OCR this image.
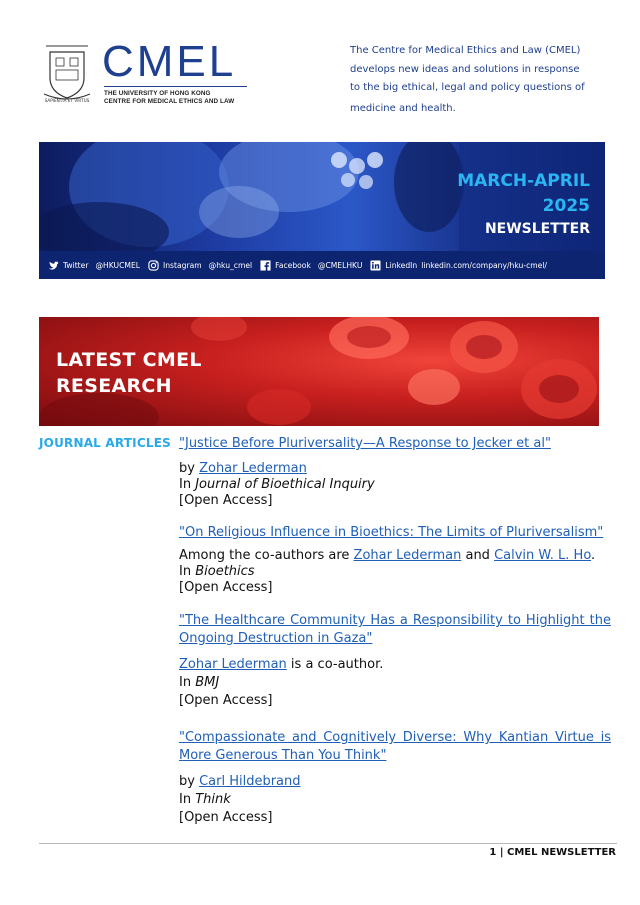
SAPIENTIA ET VIRTUS
CMEL
THE UNIVERSITY OF HONG KONG
CENTRE FOR MEDICAL ETHICS AND LAW
The Centre for Medical Ethics and Law (CMEL)
develops new ideas and solutions in response
to the big ethical, legal and policy questions of
medicine and health.
MARCH-APRIL
2025
NEWSLETTER
Twitter @HKUCMEL	Instagram @hku_cmel	Facebook @CMELHKU	LinkedIn linkedin.com/company/hku-cmel/
LATEST CMEL
RESEARCH
JOURNAL ARTICLES "Justice Before Pluriversality—A Response to Jecker et al"
by Zohar Lederman
In Journal of Bioethical Inquiry
[Open Access]
"On Religious Influence in Bioethics: The Limits of Pluriversalism"
Among the co-authors are Zohar Lederman and Calvin W. L. Ho.
In Bioethics
[Open Access]
"The Healthcare Community Has a Responsibility to Highlight the
Ongoing Destruction in Gaza"
Zohar Lederman is a co-author.
In BMJ
[Open Access]
"Compassionate and Cognitively Diverse: Why Kantian Virtue is
More Generous Than You Think"
by Carl Hildebrand
In Think
[Open Access]
1 | CMEL NEWSLETTER
